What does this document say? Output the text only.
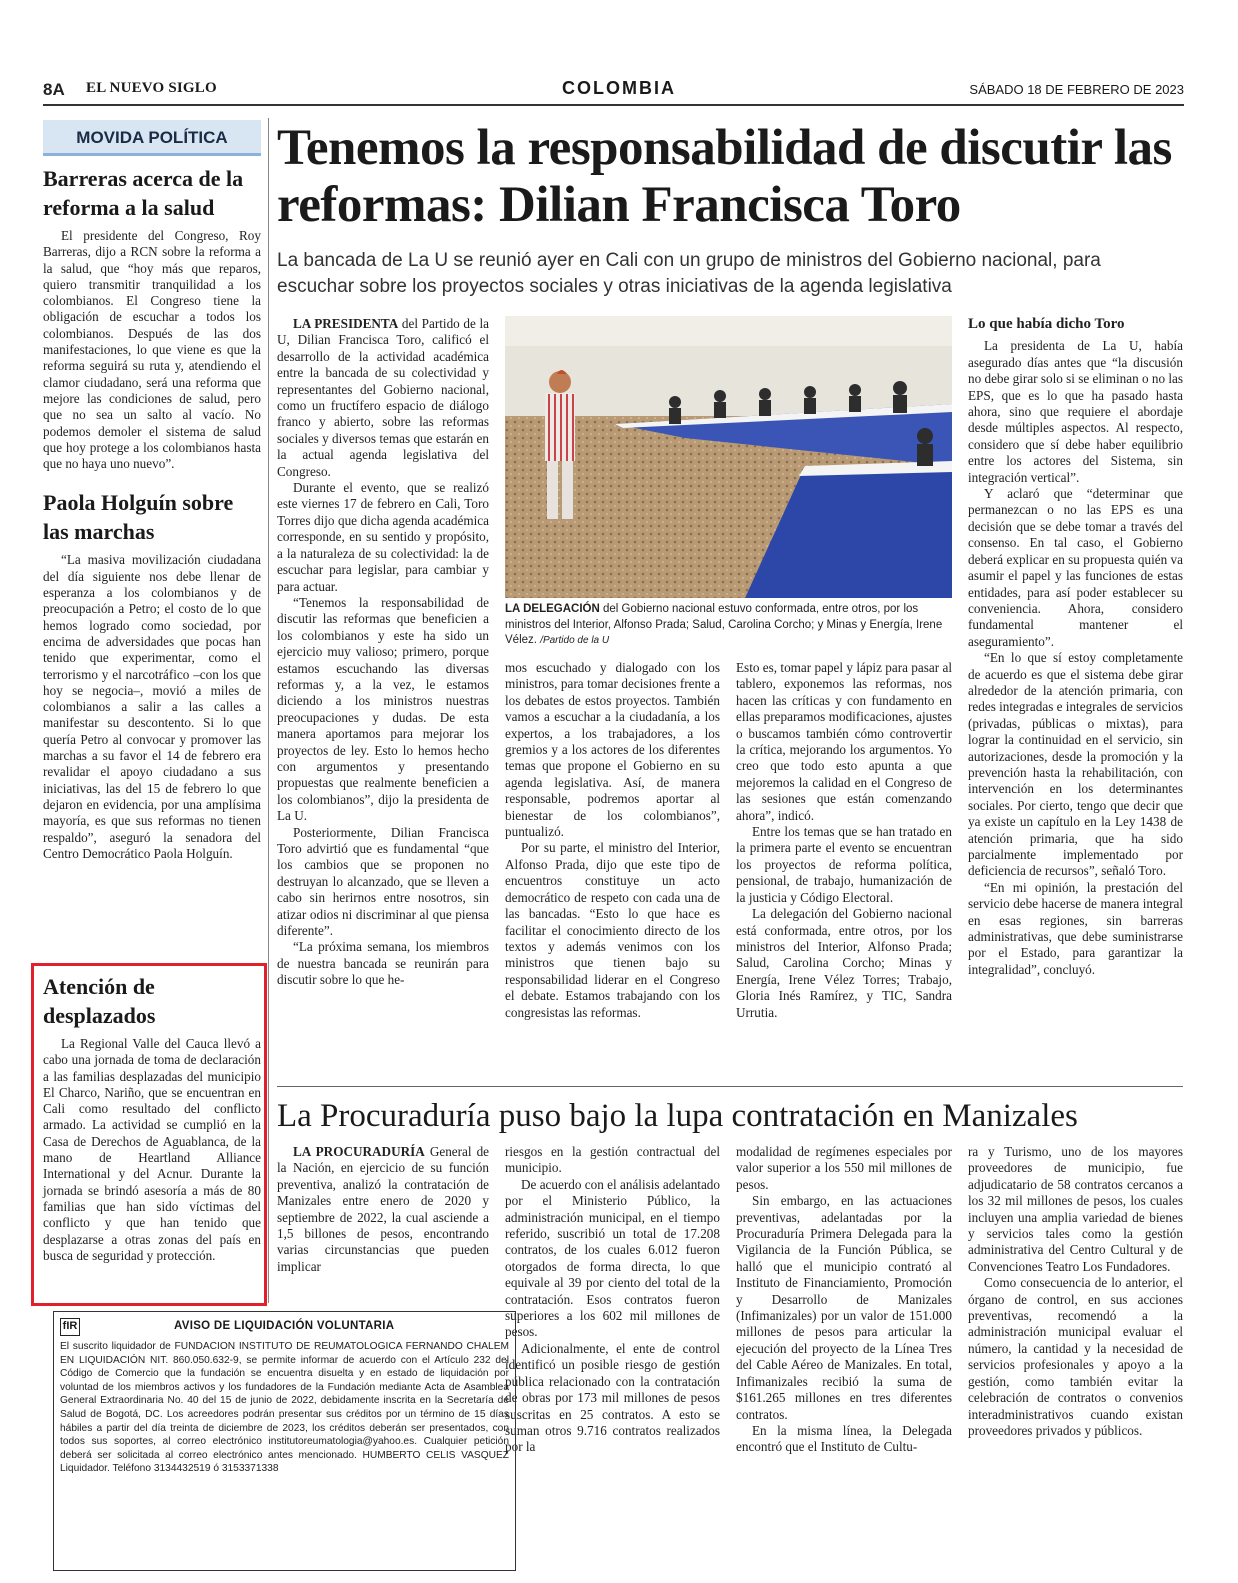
8A EL NUEVO SIGLO	COLOMBIA	SÁBADO 18 DE FEBRERO DE 2023
MOVIDA POLÍTICA
Barreras acerca de la reforma a la salud
El presidente del Congreso, Roy Barreras, dijo a RCN sobre la reforma a la salud, que “hoy más que reparos, quiero transmitir tranquilidad a los colombianos. El Congreso tiene la obligación de escuchar a todos los colombianos. Después de las dos manifestaciones, lo que viene es que la reforma seguirá su ruta y, atendiendo el clamor ciudadano, será una reforma que mejore las condiciones de salud, pero que no sea un salto al vacío. No podemos demoler el sistema de salud que hoy protege a los colombianos hasta que no haya uno nuevo”.
Paola Holguín sobre las marchas
“La masiva movilización ciudadana del día siguiente nos debe llenar de esperanza a los colombianos y de preocupación a Petro; el costo de lo que hemos logrado como sociedad, por encima de adversidades que pocas han tenido que experimentar, como el terrorismo y el narcotráfico –con los que hoy se negocia–, movió a miles de colombianos a salir a las calles a manifestar su descontento. Si lo que quería Petro al convocar y promover las marchas a su favor el 14 de febrero era revalidar el apoyo ciudadano a sus iniciativas, las del 15 de febrero lo que dejaron en evidencia, por una amplísima mayoría, es que sus reformas no tienen respaldo”, aseguró la senadora del Centro Democrático Paola Holguín.
Atención de desplazados
La Regional Valle del Cauca llevó a cabo una jornada de toma de declaración a las familias desplazadas del municipio El Charco, Nariño, que se encuentran en Cali como resultado del conflicto armado. La actividad se cumplió en la Casa de Derechos de Aguablanca, de la mano de Heartland Alliance International y del Acnur. Durante la jornada se brindó asesoría a más de 80 familias que han sido víctimas del conflicto y que han tenido que desplazarse a otras zonas del país en busca de seguridad y protección.
Tenemos la responsabilidad de discutir las reformas: Dilian Francisca Toro
La bancada de La U se reunió ayer en Cali con un grupo de ministros del Gobierno nacional, para escuchar sobre los proyectos sociales y otras iniciativas de la agenda legislativa

LA PRESIDENTA del Partido de la U, Dilian Francisca Toro, calificó el desarrollo de la actividad académica entre la bancada de su colectividad y representantes del Gobierno nacional, como un fructífero espacio de diálogo franco y abierto, sobre las reformas sociales y diversos temas que estarán en la actual agenda legislativa del Congreso.

Durante el evento, que se realizó este viernes 17 de febrero en Cali, Toro Torres dijo que dicha agenda académica corresponde, en su sentido y propósito, a la naturaleza de su colectividad: la de escuchar para legislar, para cambiar y para actuar.

“Tenemos la responsabilidad de discutir las reformas que beneficien a los colombianos y este ha sido un ejercicio muy valioso; primero, porque estamos escuchando las diversas reformas y, a la vez, le estamos diciendo a los ministros nuestras preocupaciones y dudas. De esta manera aportamos para mejorar los proyectos de ley. Esto lo hemos hecho con argumentos y presentando propuestas que realmente beneficien a los colombianos”, dijo la presidenta de La U.

Posteriormente, Dilian Francisca Toro advirtió que es fundamental “que los cambios que se proponen no destruyan lo alcanzado, que se lleven a cabo sin herirnos entre nosotros, sin atizar odios ni discriminar al que piensa diferente”.

“La próxima semana, los miembros de nuestra bancada se reunirán para discutir sobre lo que he-

LA DELEGACIÓN del Gobierno nacional estuvo conformada, entre otros, por los ministros del Interior, Alfonso Prada; Salud, Carolina Corcho; y Minas y Energía, Irene Vélez. /Partido de la U

mos escuchado y dialogado con los ministros, para tomar decisiones frente a los debates de estos proyectos. También vamos a escuchar a la ciudadanía, a los expertos, a los trabajadores, a los gremios y a los actores de los diferentes temas que propone el Gobierno en su agenda legislativa. Así, de manera responsable, podremos aportar al bienestar de los colombianos”, puntualizó.

Por su parte, el ministro del Interior, Alfonso Prada, dijo que este tipo de encuentros constituye un acto democrático de respeto con cada una de las bancadas. “Esto lo que hace es facilitar el conocimiento directo de los textos y además venimos con los ministros que tienen bajo su responsabilidad liderar en el Congreso el debate. Estamos trabajando con los congresistas las reformas.

Esto es, tomar papel y lápiz para pasar al tablero, exponemos las reformas, nos hacen las críticas y con fundamento en ellas preparamos modificaciones, ajustes o buscamos también cómo controvertir la crítica, mejorando los argumentos. Yo creo que todo esto apunta a que mejoremos la calidad en el Congreso de las sesiones que están comenzando ahora”, indicó.

Entre los temas que se han tratado en la primera parte el evento se encuentran los proyectos de reforma política, pensional, de trabajo, humanización de la justicia y Código Electoral.

La delegación del Gobierno nacional está conformada, entre otros, por los ministros del Interior, Alfonso Prada; Salud, Carolina Corcho; Minas y Energía, Irene Vélez Torres; Trabajo, Gloria Inés Ramírez, y TIC, Sandra Urrutia.

Lo que había dicho Toro

La presidenta de La U, había asegurado días antes que “la discusión no debe girar solo si se eliminan o no las EPS, que es lo que ha pasado hasta ahora, sino que requiere el abordaje desde múltiples aspectos. Al respecto, considero que sí debe haber equilibrio entre los actores del Sistema, sin integración vertical”.

Y aclaró que “determinar que permanezcan o no las EPS es una decisión que se debe tomar a través del consenso. En tal caso, el Gobierno deberá explicar en su propuesta quién va asumir el papel y las funciones de estas entidades, para así poder establecer su conveniencia. Ahora, considero fundamental mantener el aseguramiento”.

“En lo que sí estoy completamente de acuerdo es que el sistema debe girar alrededor de la atención primaria, con redes integradas e integrales de servicios (privadas, públicas o mixtas), para lograr la continuidad en el servicio, sin autorizaciones, desde la promoción y la prevención hasta la rehabilitación, con intervención en los determinantes sociales. Por cierto, tengo que decir que ya existe un capítulo en la Ley 1438 de atención primaria, que ha sido parcialmente implementado por deficiencia de recursos”, señaló Toro.

“En mi opinión, la prestación del servicio debe hacerse de manera integral en esas regiones, sin barreras administrativas, que debe suministrarse por el Estado, para garantizar la integralidad”, concluyó.

La Procuraduría puso bajo la lupa contratación en Manizales

LA PROCURADURÍA General de la Nación, en ejercicio de su función preventiva, analizó la contratación de Manizales entre enero de 2020 y septiembre de 2022, la cual asciende a 1,5 billones de pesos, encontrando varias circunstancias que pueden implicar

riesgos en la gestión contractual del municipio.

De acuerdo con el análisis adelantado por el Ministerio Público, la administración municipal, en el tiempo referido, suscribió un total de 17.208 contratos, de los cuales 6.012 fueron otorgados de forma directa, lo que equivale al 39 por ciento del total de la contratación. Esos contratos fueron superiores a los 602 mil millones de pesos.

Adicionalmente, el ente de control identificó un posible riesgo de gestión pública relacionado con la contratación de obras por 173 mil millones de pesos suscritas en 25 contratos. A esto se suman otros 9.716 contratos realizados por la

modalidad de regímenes especiales por valor superior a los 550 mil millones de pesos.

Sin embargo, en las actuaciones preventivas, adelantadas por la Procuraduría Primera Delegada para la Vigilancia de la Función Pública, se halló que el municipio contrató al Instituto de Financiamiento, Promoción y Desarrollo de Manizales (Infimanizales) por un valor de 151.000 millones de pesos para articular la ejecución del proyecto de la Línea Tres del Cable Aéreo de Manizales. En total, Infimanizales recibió la suma de $161.265 millones en tres diferentes contratos.

En la misma línea, la Delegada encontró que el Instituto de Cultu-

ra y Turismo, uno de los mayores proveedores de municipio, fue adjudicatario de 58 contratos cercanos a los 32 mil millones de pesos, los cuales incluyen una amplia variedad de bienes y servicios tales como la gestión administrativa del Centro Cultural y de Convenciones Teatro Los Fundadores.

Como consecuencia de lo anterior, el órgano de control, en sus acciones preventivas, recomendó a la administración municipal evaluar el número, la cantidad y la necesidad de servicios profesionales y apoyo a la gestión, como también evitar la celebración de contratos o convenios interadministrativos cuando existan proveedores privados y públicos.

fIR	AVISO DE LIQUIDACIÓN VOLUNTARIA
El suscrito liquidador de FUNDACION INSTITUTO DE REUMATOLOGICA FERNANDO CHALEM EN LIQUIDACIÓN NIT. 860.050.632-9, se permite informar de acuerdo con el Artículo 232 del Código de Comercio que la fundación se encuentra disuelta y en estado de liquidación por voluntad de los miembros activos y los fundadores de la Fundación mediante Acta de Asamblea General Extraordinaria No. 40 del 15 de junio de 2022, debidamente inscrita en la Secretaría de Salud de Bogotá, DC. Los acreedores podrán presentar sus créditos por un término de 15 días hábiles a partir del día treinta de diciembre de 2023, los créditos deberán ser presentados, con todos sus soportes, al correo electrónico institutoreumatologia@yahoo.es. Cualquier petición deberá ser solicitada al correo electrónico antes mencionado. HUMBERTO CELIS VASQUEZ Liquidador. Teléfono 3134432519 ó 3153371338
